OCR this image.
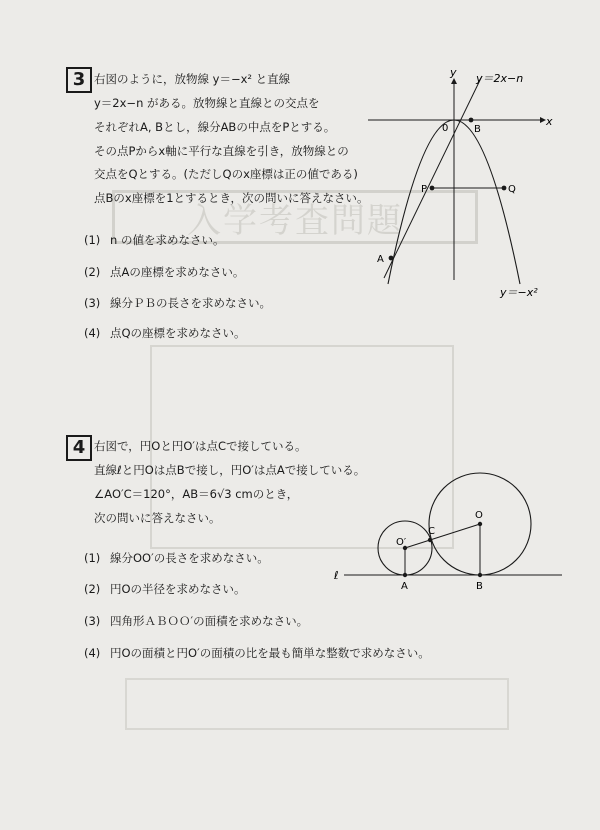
入学考査問題
3 右図のように，放物線 y＝−x² と直線
y＝2x−n がある。放物線と直線との交点を
それぞれA, Bとし，線分ABの中点をPとする。
その点Pからx軸に平行な直線を引き，放物線との
交点をQとする。(ただしQのx座標は正の値である)
点Bのx座標を1とするとき，次の問いに答えなさい。
(1) n の値を求めなさい。
(2) 点Aの座標を求めなさい。
(3) 線分ＰＢの長さを求めなさい。
(4) 点Qの座標を求めなさい。
x
y
0
y＝2x−n
B
P	Q
A
y＝−x²
4 右図で，円Oと円O′は点Cで接している。
直線ℓと円Oは点Bで接し，円O′は点Aで接している。
∠AO′C＝120°，AB＝6√3 cmのとき，
次の問いに答えなさい。
(1) 線分OO′の長さを求めなさい。
(2) 円Oの半径を求めなさい。
(3) 四角形ＡＢＯＯ′の面積を求めなさい。
(4) 円Oの面積と円O′の面積の比を最も簡単な整数で求めなさい。
ℓ
O
O′
C
A	B
